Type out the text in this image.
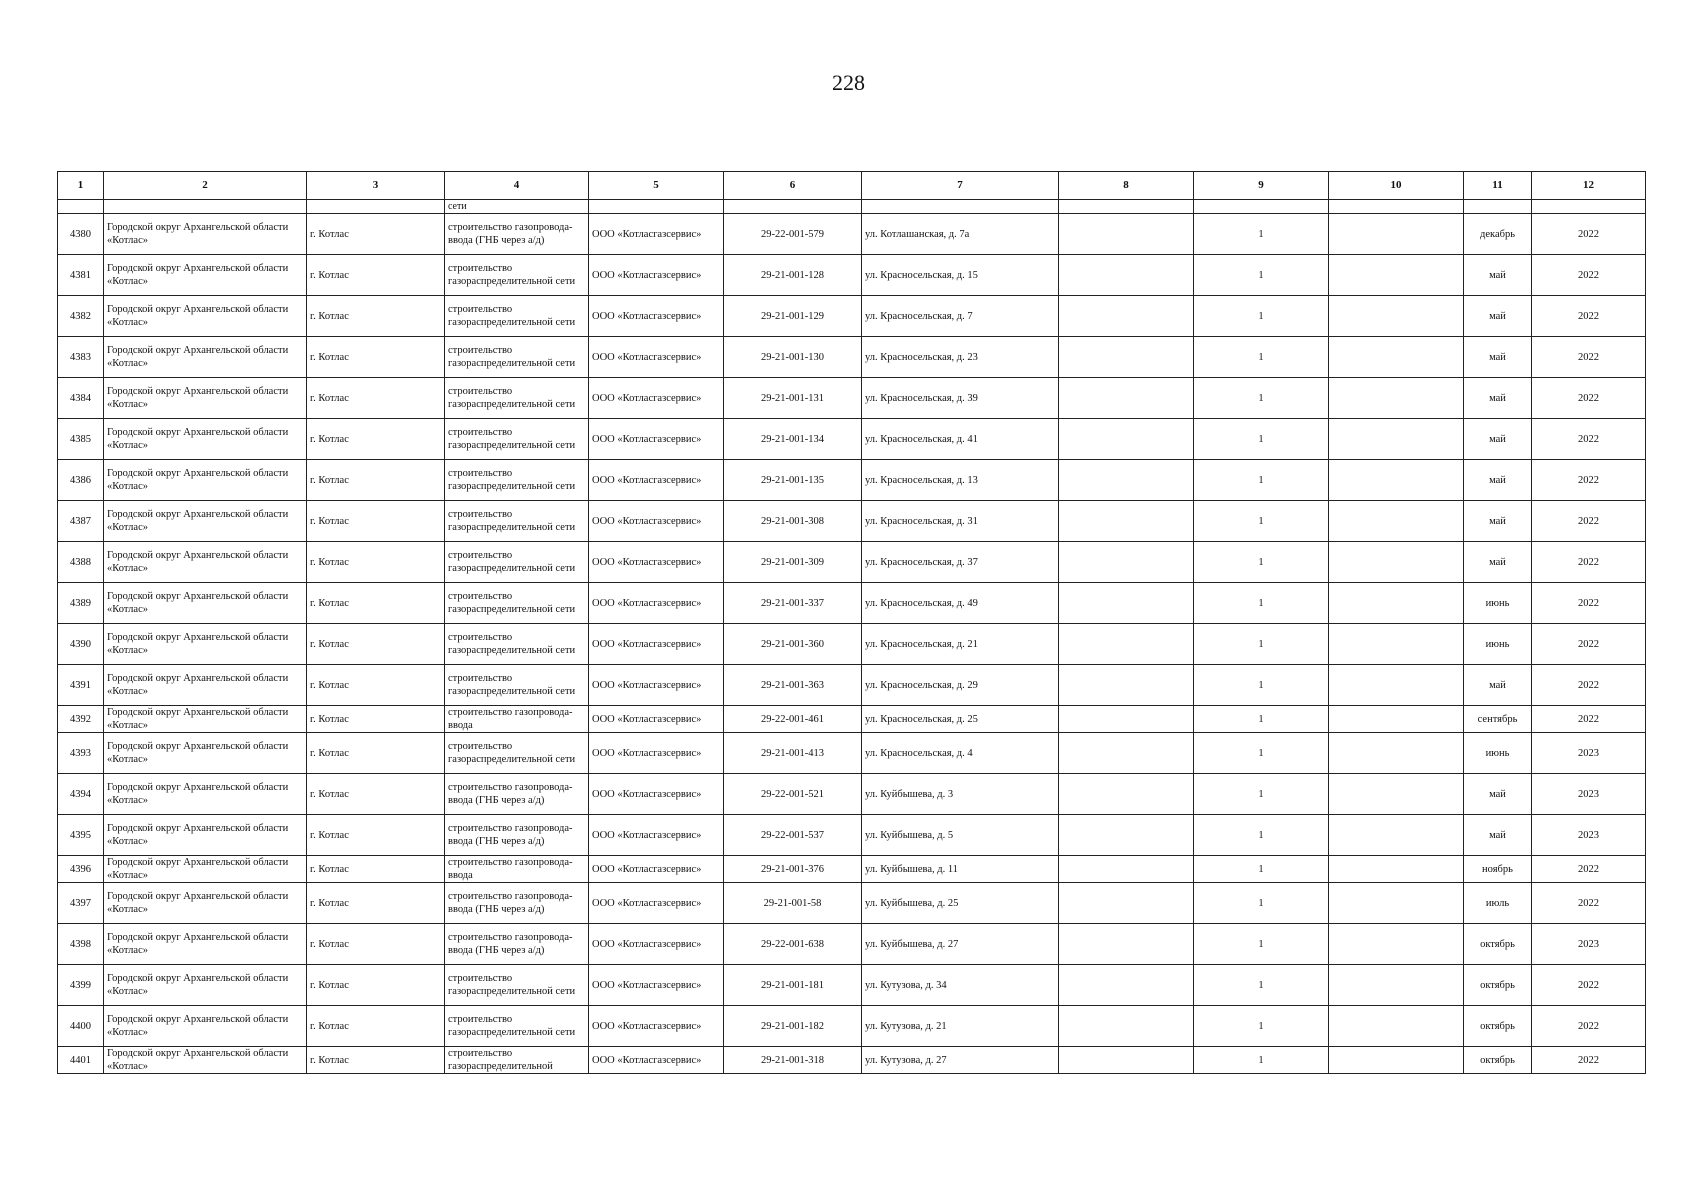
228
1	2	3	4	5	6	7	8	9	10	11	12
			сети								
4380	Городской округ Архангельской области «Котлас»	г. Котлас	строительство газопровода-ввода (ГНБ через а/д)	ООО «Котласгазсервис»	29-22-001-579	ул. Котлашанская, д. 7а		1		декабрь	2022
4381	Городской округ Архангельской области «Котлас»	г. Котлас	строительство газораспределительной сети	ООО «Котласгазсервис»	29-21-001-128	ул. Красносельская, д. 15		1		май	2022
4382	Городской округ Архангельской области «Котлас»	г. Котлас	строительство газораспределительной сети	ООО «Котласгазсервис»	29-21-001-129	ул. Красносельская, д. 7		1		май	2022
4383	Городской округ Архангельской области «Котлас»	г. Котлас	строительство газораспределительной сети	ООО «Котласгазсервис»	29-21-001-130	ул. Красносельская, д. 23		1		май	2022
4384	Городской округ Архангельской области «Котлас»	г. Котлас	строительство газораспределительной сети	ООО «Котласгазсервис»	29-21-001-131	ул. Красносельская, д. 39		1		май	2022
4385	Городской округ Архангельской области «Котлас»	г. Котлас	строительство газораспределительной сети	ООО «Котласгазсервис»	29-21-001-134	ул. Красносельская, д. 41		1		май	2022
4386	Городской округ Архангельской области «Котлас»	г. Котлас	строительство газораспределительной сети	ООО «Котласгазсервис»	29-21-001-135	ул. Красносельская, д. 13		1		май	2022
4387	Городской округ Архангельской области «Котлас»	г. Котлас	строительство газораспределительной сети	ООО «Котласгазсервис»	29-21-001-308	ул. Красносельская, д. 31		1		май	2022
4388	Городской округ Архангельской области «Котлас»	г. Котлас	строительство газораспределительной сети	ООО «Котласгазсервис»	29-21-001-309	ул. Красносельская, д. 37		1		май	2022
4389	Городской округ Архангельской области «Котлас»	г. Котлас	строительство газораспределительной сети	ООО «Котласгазсервис»	29-21-001-337	ул. Красносельская, д. 49		1		июнь	2022
4390	Городской округ Архангельской области «Котлас»	г. Котлас	строительство газораспределительной сети	ООО «Котласгазсервис»	29-21-001-360	ул. Красносельская, д. 21		1		июнь	2022
4391	Городской округ Архангельской области «Котлас»	г. Котлас	строительство газораспределительной сети	ООО «Котласгазсервис»	29-21-001-363	ул. Красносельская, д. 29		1		май	2022
4392	Городской округ Архангельской области «Котлас»	г. Котлас	строительство газопровода-ввода	ООО «Котласгазсервис»	29-22-001-461	ул. Красносельская, д. 25		1		сентябрь	2022
4393	Городской округ Архангельской области «Котлас»	г. Котлас	строительство газораспределительной сети	ООО «Котласгазсервис»	29-21-001-413	ул. Красносельская, д. 4		1		июнь	2023
4394	Городской округ Архангельской области «Котлас»	г. Котлас	строительство газопровода-ввода (ГНБ через а/д)	ООО «Котласгазсервис»	29-22-001-521	ул. Куйбышева, д. 3		1		май	2023
4395	Городской округ Архангельской области «Котлас»	г. Котлас	строительство газопровода-ввода (ГНБ через а/д)	ООО «Котласгазсервис»	29-22-001-537	ул. Куйбышева, д. 5		1		май	2023
4396	Городской округ Архангельской области «Котлас»	г. Котлас	строительство газопровода-ввода	ООО «Котласгазсервис»	29-21-001-376	ул. Куйбышева, д. 11		1		ноябрь	2022
4397	Городской округ Архангельской области «Котлас»	г. Котлас	строительство газопровода-ввода (ГНБ через а/д)	ООО «Котласгазсервис»	29-21-001-58	ул. Куйбышева, д. 25		1		июль	2022
4398	Городской округ Архангельской области «Котлас»	г. Котлас	строительство газопровода-ввода (ГНБ через а/д)	ООО «Котласгазсервис»	29-22-001-638	ул. Куйбышева, д. 27		1		октябрь	2023
4399	Городской округ Архангельской области «Котлас»	г. Котлас	строительство газораспределительной сети	ООО «Котласгазсервис»	29-21-001-181	ул. Кутузова, д. 34		1		октябрь	2022
4400	Городской округ Архангельской области «Котлас»	г. Котлас	строительство газораспределительной сети	ООО «Котласгазсервис»	29-21-001-182	ул. Кутузова, д. 21		1		октябрь	2022
4401	Городской округ Архангельской области «Котлас»	г. Котлас	строительство газораспределительной	ООО «Котласгазсервис»	29-21-001-318	ул. Кутузова, д. 27		1		октябрь	2022
